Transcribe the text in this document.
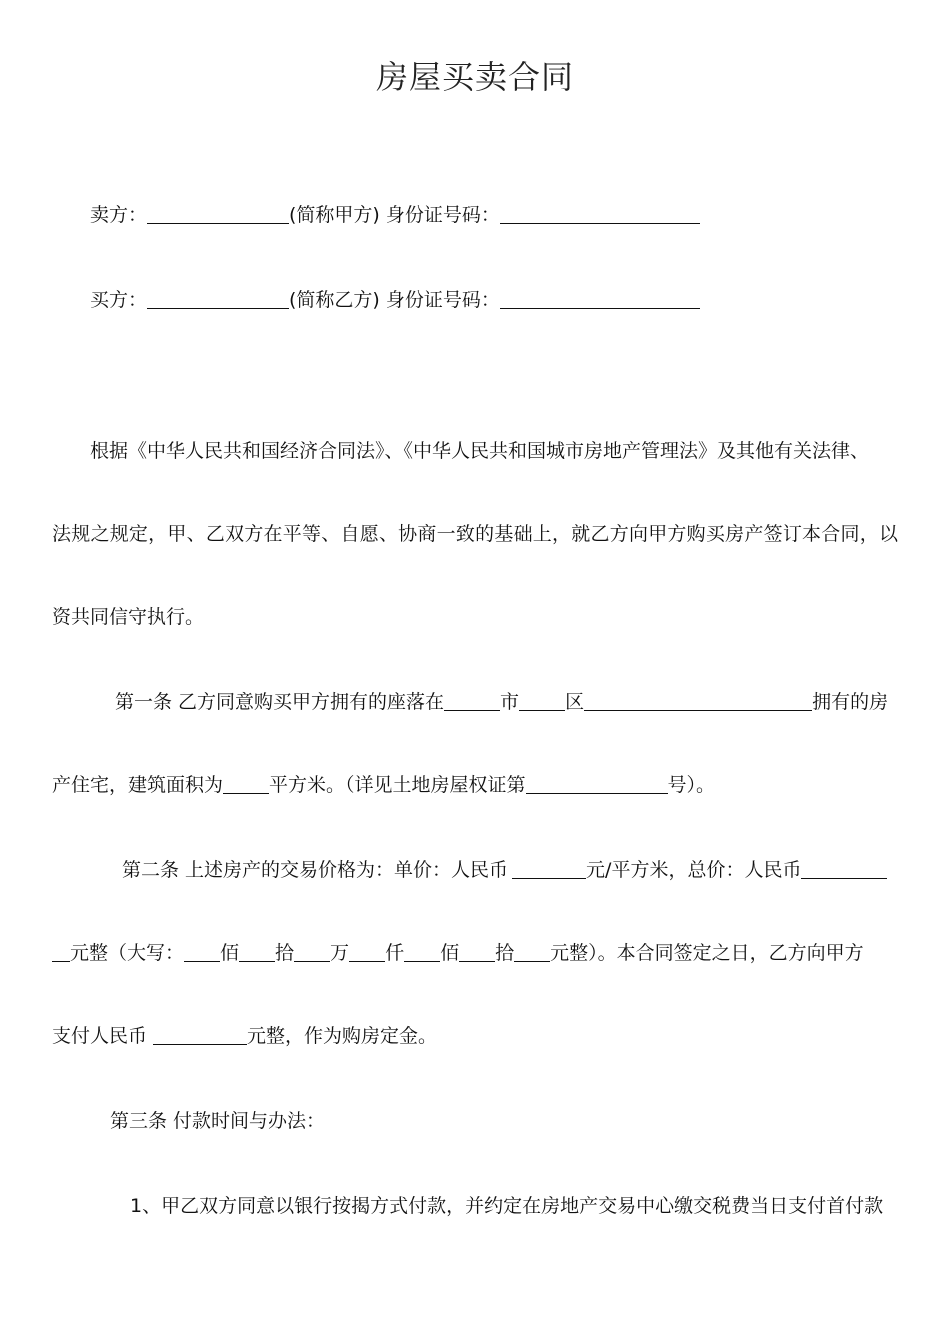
房屋买卖合同
卖方：	(简称甲方) 身份证号码：
买方：	(简称乙方) 身份证号码：
根据《中华人民共和国经济合同法》、《中华人民共和国城市房地产管理法》及其他有关法律、
法规之规定，甲、乙双方在平等、自愿、协商一致的基础上，就乙方向甲方购买房产签订本合同，以
资共同信守执行。
第一条 乙方同意购买甲方拥有的座落在	市 区	拥有的房
产住宅，建筑面积为 平方米。（详见土地房屋权证第	号）。
第二条 上述房产的交易价格为：单价：人民币	元/平方米，总价：人民币
元整（大写： 佰 拾 万 仟 佰 拾 元整）。本合同签定之日，乙方向甲方
支付人民币	元整，作为购房定金。
第三条 付款时间与办法：
1、甲乙双方同意以银行按揭方式付款，并约定在房地产交易中心缴交税费当日支付首付款
